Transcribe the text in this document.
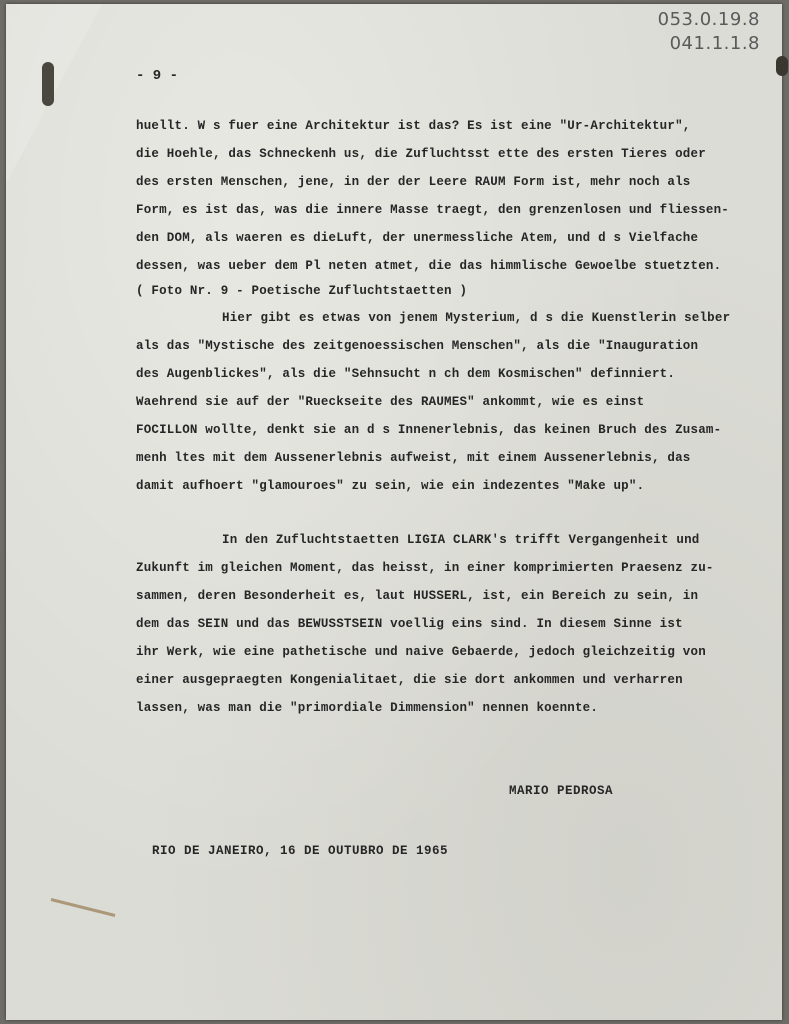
053.0.19.8
041.1.1.8
- 9 -
huellt. W s fuer eine Architektur ist das? Es ist eine "Ur-Architektur",
die Hoehle, das Schneckenh us, die Zufluchtsst ette des ersten Tieres oder
des ersten Menschen, jene, in der der Leere RAUM Form ist, mehr noch als
Form, es ist das, was die innere Masse traegt, den grenzenlosen und fliessen-
den DOM, als waeren es dieLuft, der unermessliche Atem, und d s Vielfache
dessen, was ueber dem Pl neten atmet, die das himmlische Gewoelbe stuetzten.
( Foto Nr. 9 - Poetische Zufluchtstaetten )
Hier gibt es etwas von jenem Mysterium, d s die Kuenstlerin selber
als das "Mystische des zeitgenoessischen Menschen", als die "Inauguration
des Augenblickes", als die "Sehnsucht n ch dem Kosmischen" definniert.
Waehrend sie auf der "Rueckseite des RAUMES" ankommt, wie es einst
FOCILLON wollte, denkt sie an d s Innenerlebnis, das keinen Bruch des Zusam-
menh ltes mit dem Aussenerlebnis aufweist, mit einem Aussenerlebnis, das
damit aufhoert "glamouroes" zu sein, wie ein indezentes "Make up".
In den Zufluchtstaetten LIGIA CLARK's trifft Vergangenheit und
Zukunft im gleichen Moment, das heisst, in einer komprimierten Praesenz zu-
sammen, deren Besonderheit es, laut HUSSERL, ist, ein Bereich zu sein, in
dem das SEIN und das BEWUSSTSEIN voellig eins sind. In diesem Sinne ist
ihr Werk, wie eine pathetische und naive Gebaerde, jedoch gleichzeitig von
einer ausgepraegten Kongenialitaet, die sie dort ankommen und verharren
lassen, was man die "primordiale Dimmension" nennen koennte.
MARIO PEDROSA
RIO DE JANEIRO, 16 DE OUTUBRO DE 1965
